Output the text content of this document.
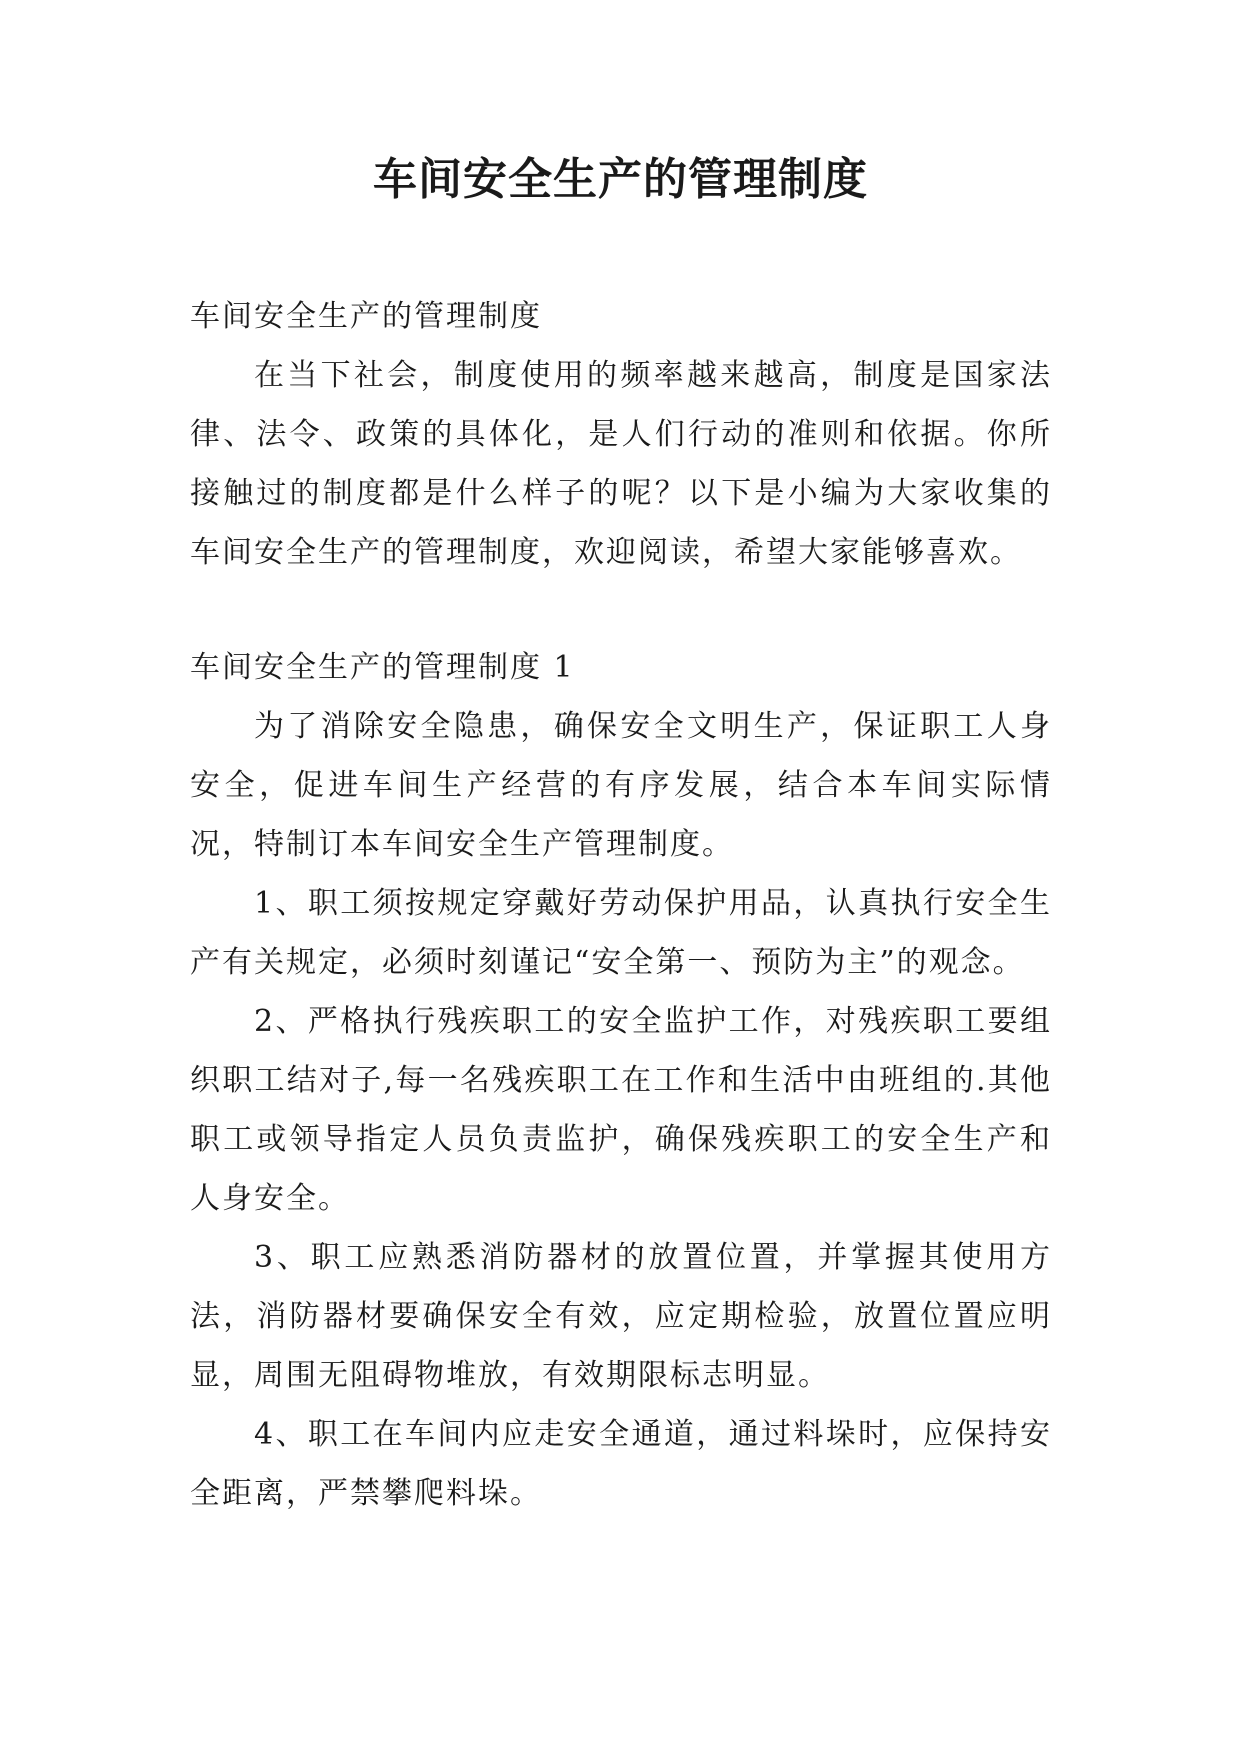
车间安全生产的管理制度

车间安全生产的管理制度

在当下社会，制度使用的频率越来越高，制度是国家法律、法令、政策的具体化，是人们行动的准则和依据。你所接触过的制度都是什么样子的呢？以下是小编为大家收集的车间安全生产的管理制度，欢迎阅读，希望大家能够喜欢。

车间安全生产的管理制度 1

为了消除安全隐患，确保安全文明生产，保证职工人身安全，促进车间生产经营的有序发展，结合本车间实际情况，特制订本车间安全生产管理制度。

1、职工须按规定穿戴好劳动保护用品，认真执行安全生产有关规定，必须时刻谨记“安全第一、预防为主”的观念。

2、严格执行残疾职工的安全监护工作，对残疾职工要组织职工结对子,每一名残疾职工在工作和生活中由班组的.其他职工或领导指定人员负责监护，确保残疾职工的安全生产和人身安全。

3、职工应熟悉消防器材的放置位置，并掌握其使用方法，消防器材要确保安全有效，应定期检验，放置位置应明显，周围无阻碍物堆放，有效期限标志明显。

4、职工在车间内应走安全通道，通过料垛时，应保持安全距离，严禁攀爬料垛。
